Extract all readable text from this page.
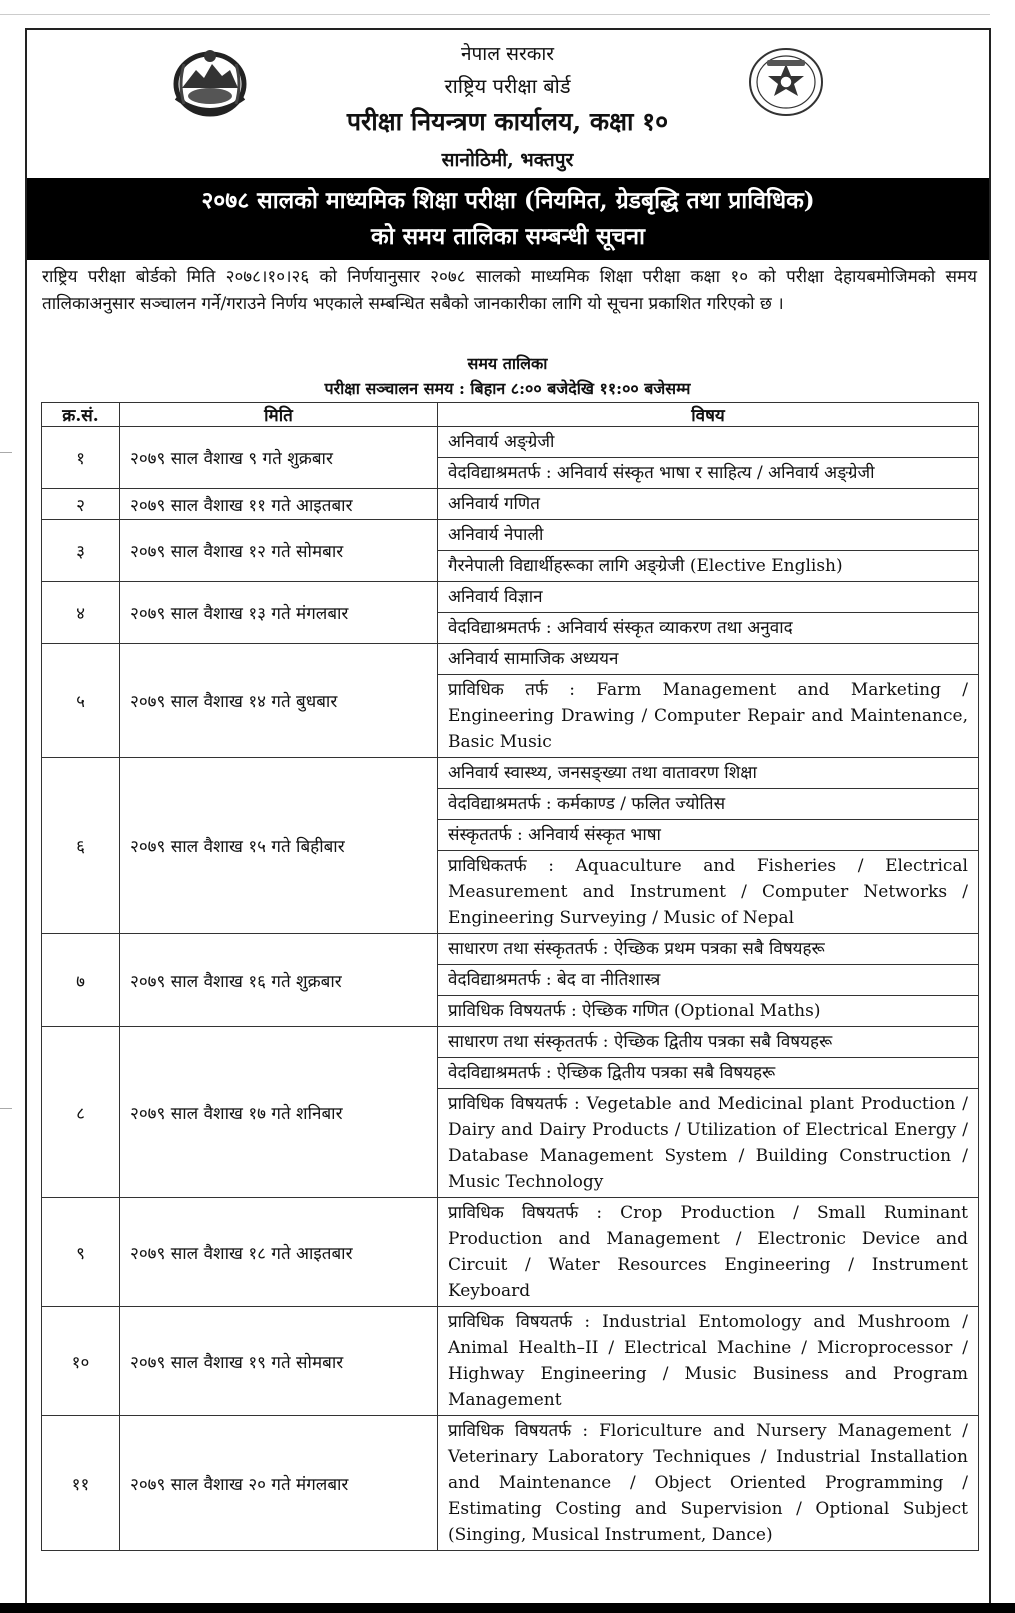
नेपाल सरकार
राष्ट्रिय परीक्षा बोर्ड
परीक्षा नियन्त्रण कार्यालय, कक्षा १०
सानोठिमी, भक्तपुर
२०७८ सालको माध्यमिक शिक्षा परीक्षा (नियमित, ग्रेडबृद्धि तथा प्राविधिक)
को समय तालिका सम्बन्धी सूचना
राष्ट्रिय परीक्षा बोर्डको मिति २०७८।१०।२६ को निर्णयानुसार २०७८ सालको माध्यमिक शिक्षा परीक्षा कक्षा १० को परीक्षा देहायबमोजिमको समय तालिकाअनुसार सञ्चालन गर्ने/गराउने निर्णय भएकाले सम्बन्धित सबैको जानकारीका लागि यो सूचना प्रकाशित गरिएको छ ।
समय तालिका
परीक्षा सञ्चालन समय : बिहान ८:०० बजेदेखि ११:०० बजेसम्म
क्र.सं.	मिति	विषय
१	२०७९ साल वैशाख ९ गते शुक्रबार	अनिवार्य अङ्ग्रेजी
		वेदविद्याश्रमतर्फ : अनिवार्य संस्कृत भाषा र साहित्य / अनिवार्य अङ्ग्रेजी
२	२०७९ साल वैशाख ११ गते आइतबार	अनिवार्य गणित
३	२०७९ साल वैशाख १२ गते सोमबार	अनिवार्य नेपाली
		गैरनेपाली विद्यार्थीहरूका लागि अङ्ग्रेजी (Elective English)
४	२०७९ साल वैशाख १३ गते मंगलबार	अनिवार्य विज्ञान
		वेदविद्याश्रमतर्फ : अनिवार्य संस्कृत व्याकरण तथा अनुवाद
५	२०७९ साल वैशाख १४ गते बुधबार	अनिवार्य सामाजिक अध्ययन
		प्राविधिक तर्फ : Farm Management and Marketing / Engineering Drawing / Computer Repair and Maintenance, Basic Music
६	२०७९ साल वैशाख १५ गते बिहीबार	अनिवार्य स्वास्थ्य, जनसङ्ख्या तथा वातावरण शिक्षा
		वेदविद्याश्रमतर्फ : कर्मकाण्ड / फलित ज्योतिस
		संस्कृततर्फ : अनिवार्य संस्कृत भाषा
		प्राविधिकतर्फ : Aquaculture and Fisheries / Electrical Measurement and Instrument / Computer Networks / Engineering Surveying / Music of Nepal
७	२०७९ साल वैशाख १६ गते शुक्रबार	साधारण तथा संस्कृततर्फ : ऐच्छिक प्रथम पत्रका सबै विषयहरू
		वेदविद्याश्रमतर्फ : बेद वा नीतिशास्त्र
		प्राविधिक विषयतर्फ : ऐच्छिक गणित (Optional Maths)
८	२०७९ साल वैशाख १७ गते शनिबार	साधारण तथा संस्कृततर्फ : ऐच्छिक द्वितीय पत्रका सबै विषयहरू
		वेदविद्याश्रमतर्फ : ऐच्छिक द्वितीय पत्रका सबै विषयहरू
		प्राविधिक विषयतर्फ : Vegetable and Medicinal plant Production / Dairy and Dairy Products / Utilization of Electrical Energy / Database Management System / Building Construction / Music Technology
९	२०७९ साल वैशाख १८ गते आइतबार	प्राविधिक विषयतर्फ : Crop Production / Small Ruminant Production and Management / Electronic Device and Circuit / Water Resources Engineering / Instrument Keyboard
१०	२०७९ साल वैशाख १९ गते सोमबार	प्राविधिक विषयतर्फ : Industrial Entomology and Mushroom / Animal Health–II / Electrical Machine / Microprocessor / Highway Engineering / Music Business and Program Management
११	२०७९ साल वैशाख २० गते मंगलबार	प्राविधिक विषयतर्फ : Floriculture and Nursery Management / Veterinary Laboratory Techniques / Industrial Installation and Maintenance / Object Oriented Programming / Estimating Costing and Supervision / Optional Subject (Singing, Musical Instrument, Dance)
